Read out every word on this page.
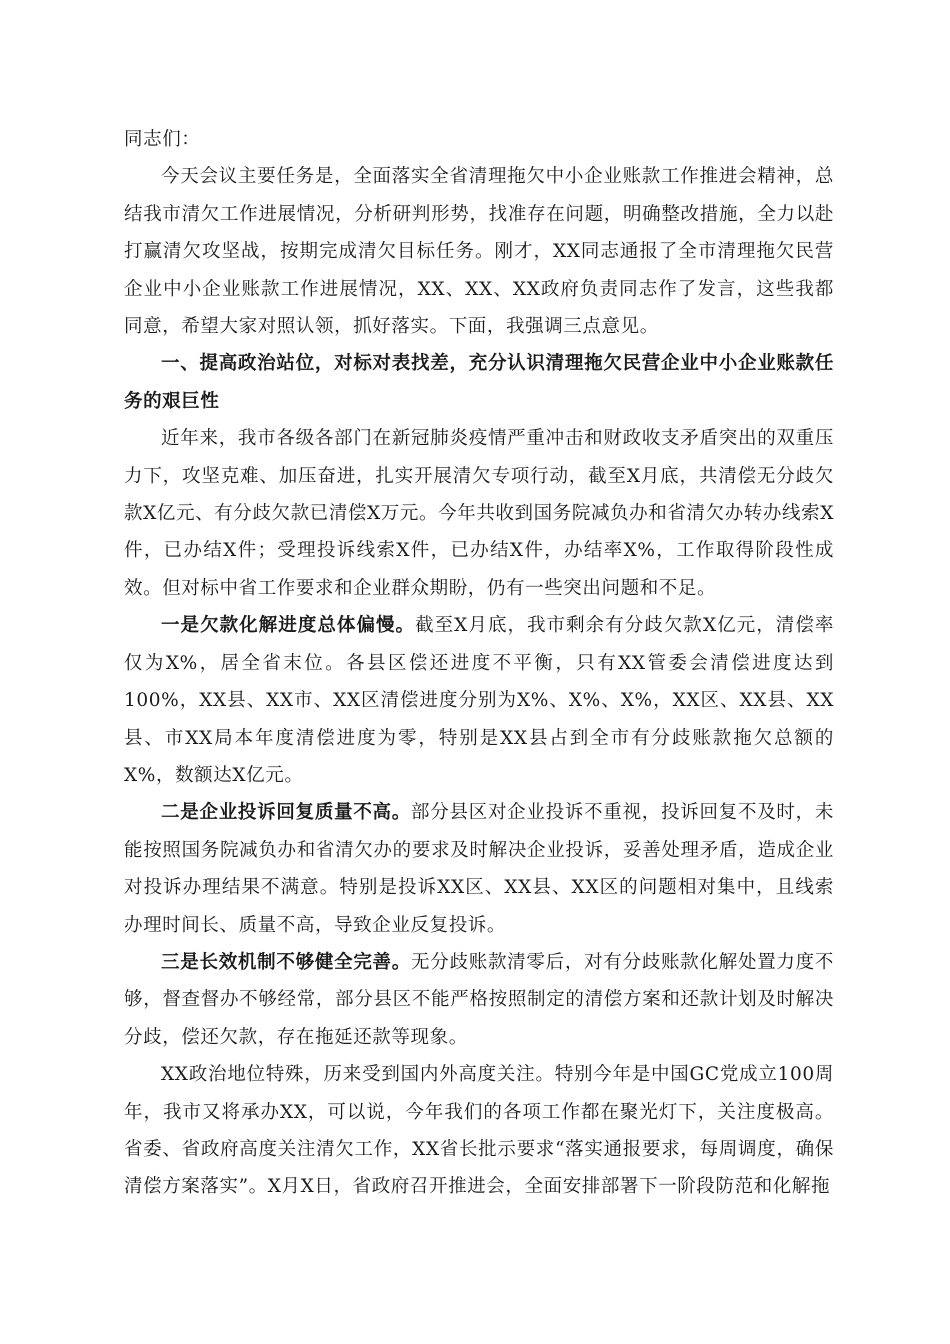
同志们：

今天会议主要任务是，全面落实全省清理拖欠中小企业账款工作推进会精神，总结我市清欠工作进展情况，分析研判形势，找准存在问题，明确整改措施，全力以赴打赢清欠攻坚战，按期完成清欠目标任务。刚才，XX同志通报了全市清理拖欠民营企业中小企业账款工作进展情况，XX、XX、XX政府负责同志作了发言，这些我都同意，希望大家对照认领，抓好落实。下面，我强调三点意见。

一、提高政治站位，对标对表找差，充分认识清理拖欠民营企业中小企业账款任务的艰巨性

近年来，我市各级各部门在新冠肺炎疫情严重冲击和财政收支矛盾突出的双重压力下，攻坚克难、加压奋进，扎实开展清欠专项行动，截至X月底，共清偿无分歧欠款X亿元、有分歧欠款已清偿X万元。今年共收到国务院减负办和省清欠办转办线索X件，已办结X件；受理投诉线索X件，已办结X件，办结率X%，工作取得阶段性成效。但对标中省工作要求和企业群众期盼，仍有一些突出问题和不足。

一是欠款化解进度总体偏慢。截至X月底，我市剩余有分歧欠款X亿元，清偿率仅为X%，居全省末位。各县区偿还进度不平衡，只有XX管委会清偿进度达到100%，XX县、XX市、XX区清偿进度分别为X%、X%、X%，XX区、XX县、XX县、市XX局本年度清偿进度为零，特别是XX县占到全市有分歧账款拖欠总额的X%，数额达X亿元。

二是企业投诉回复质量不高。部分县区对企业投诉不重视，投诉回复不及时，未能按照国务院减负办和省清欠办的要求及时解决企业投诉，妥善处理矛盾，造成企业对投诉办理结果不满意。特别是投诉XX区、XX县、XX区的问题相对集中，且线索办理时间长、质量不高，导致企业反复投诉。

三是长效机制不够健全完善。无分歧账款清零后，对有分歧账款化解处置力度不够，督查督办不够经常，部分县区不能严格按照制定的清偿方案和还款计划及时解决分歧，偿还欠款，存在拖延还款等现象。

XX政治地位特殊，历来受到国内外高度关注。特别今年是中国GC党成立100周年，我市又将承办XX，可以说，今年我们的各项工作都在聚光灯下，关注度极高。省委、省政府高度关注清欠工作，XX省长批示要求“落实通报要求，每周调度，确保清偿方案落实”。X月X日，省政府召开推进会，全面安排部署下一阶段防范和化解拖
